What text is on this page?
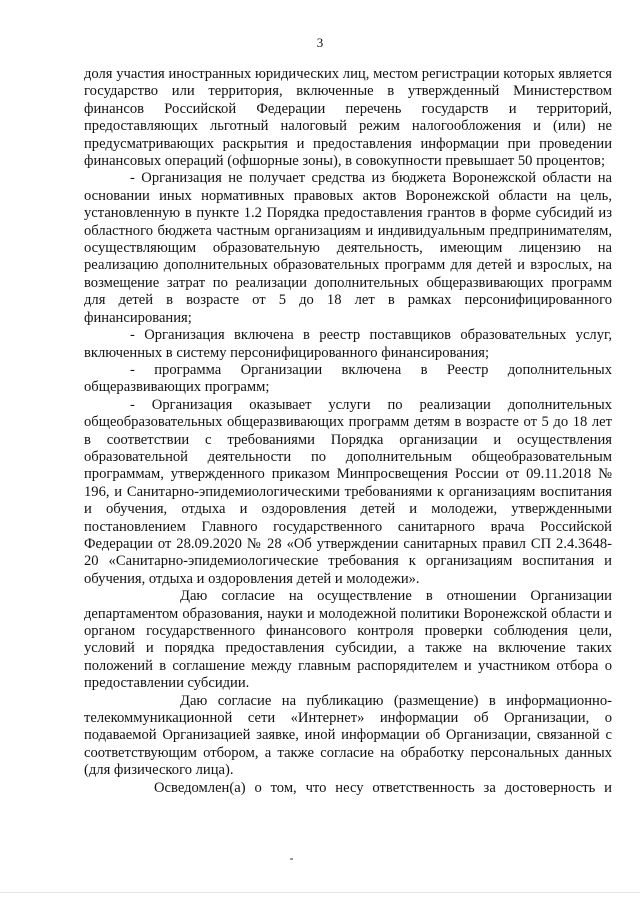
3

доля участия иностранных юридических лиц, местом регистрации которых является государство или территория, включенные в утвержденный Министерством финансов Российской Федерации перечень государств и территорий, предоставляющих льготный налоговый режим налогообложения и (или) не предусматривающих раскрытия и предоставления информации при проведении финансовых операций (офшорные зоны), в совокупности превышает 50 процентов;

- Организация не получает средства из бюджета Воронежской области на основании иных нормативных правовых актов Воронежской области на цель, установленную в пункте 1.2 Порядка предоставления грантов в форме субсидий из областного бюджета частным организациям и индивидуальным предпринимателям, осуществляющим образовательную деятельность, имеющим лицензию на реализацию дополнительных образовательных программ для детей и взрослых, на возмещение затрат по реализации дополнительных общеразвивающих программ для детей в возрасте от 5 до 18 лет в рамках персонифицированного финансирования;

- Организация включена в реестр поставщиков образовательных услуг, включенных в систему персонифицированного финансирования;

- программа Организации включена в Реестр дополнительных общеразвивающих программ;

- Организация оказывает услуги по реализации дополнительных общеобразовательных общеразвивающих программ детям в возрасте от 5 до 18 лет в соответствии с требованиями Порядка организации и осуществления образовательной деятельности по дополнительным общеобразовательным программам, утвержденного приказом Минпросвещения России от 09.11.2018 № 196, и Санитарно-эпидемиологическими требованиями к организациям воспитания и обучения, отдыха и оздоровления детей и молодежи, утвержденными постановлением Главного государственного санитарного врача Российской Федерации от 28.09.2020 № 28 «Об утверждении санитарных правил СП 2.4.3648-20 «Санитарно-эпидемиологические требования к организациям воспитания и обучения, отдыха и оздоровления детей и молодежи».

Даю согласие на осуществление в отношении Организации департаментом образования, науки и молодежной политики Воронежской области и органом государственного финансового контроля проверки соблюдения цели, условий и порядка предоставления субсидии, а также на включение таких положений в соглашение между главным распорядителем и участником отбора о предоставлении субсидии.

Даю согласие на публикацию (размещение) в информационно-телекоммуникационной сети «Интернет» информации об Организации, о подаваемой Организацией заявке, иной информации об Организации, связанной с соответствующим отбором, а также согласие на обработку персональных данных (для физического лица).

Осведомлен(а) о том, что несу ответственность за достоверность и
